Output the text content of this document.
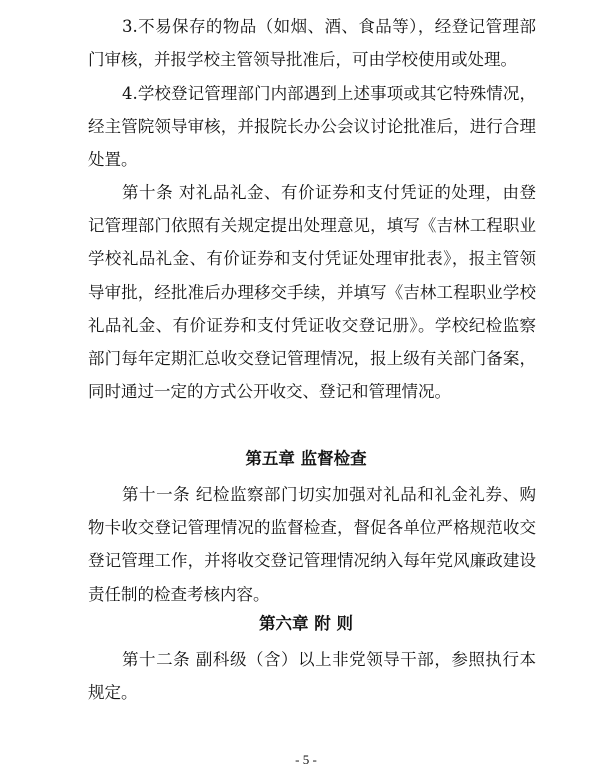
3.不易保存的物品（如烟、酒、食品等），经登记管理部门审核，并报学校主管领导批准后，可由学校使用或处理。

4.学校登记管理部门内部遇到上述事项或其它特殊情况，经主管院领导审核，并报院长办公会议讨论批准后，进行合理处置。

第十条 对礼品礼金、有价证券和支付凭证的处理，由登记管理部门依照有关规定提出处理意见，填写《吉林工程职业学校礼品礼金、有价证券和支付凭证处理审批表》，报主管领导审批，经批准后办理移交手续，并填写《吉林工程职业学校礼品礼金、有价证券和支付凭证收交登记册》。学校纪检监察部门每年定期汇总收交登记管理情况，报上级有关部门备案，同时通过一定的方式公开收交、登记和管理情况。

第五章 监督检查

第十一条 纪检监察部门切实加强对礼品和礼金礼券、购物卡收交登记管理情况的监督检查，督促各单位严格规范收交登记管理工作，并将收交登记管理情况纳入每年党风廉政建设责任制的检查考核内容。

第六章 附 则

第十二条 副科级（含）以上非党领导干部，参照执行本规定。

- 5 -
